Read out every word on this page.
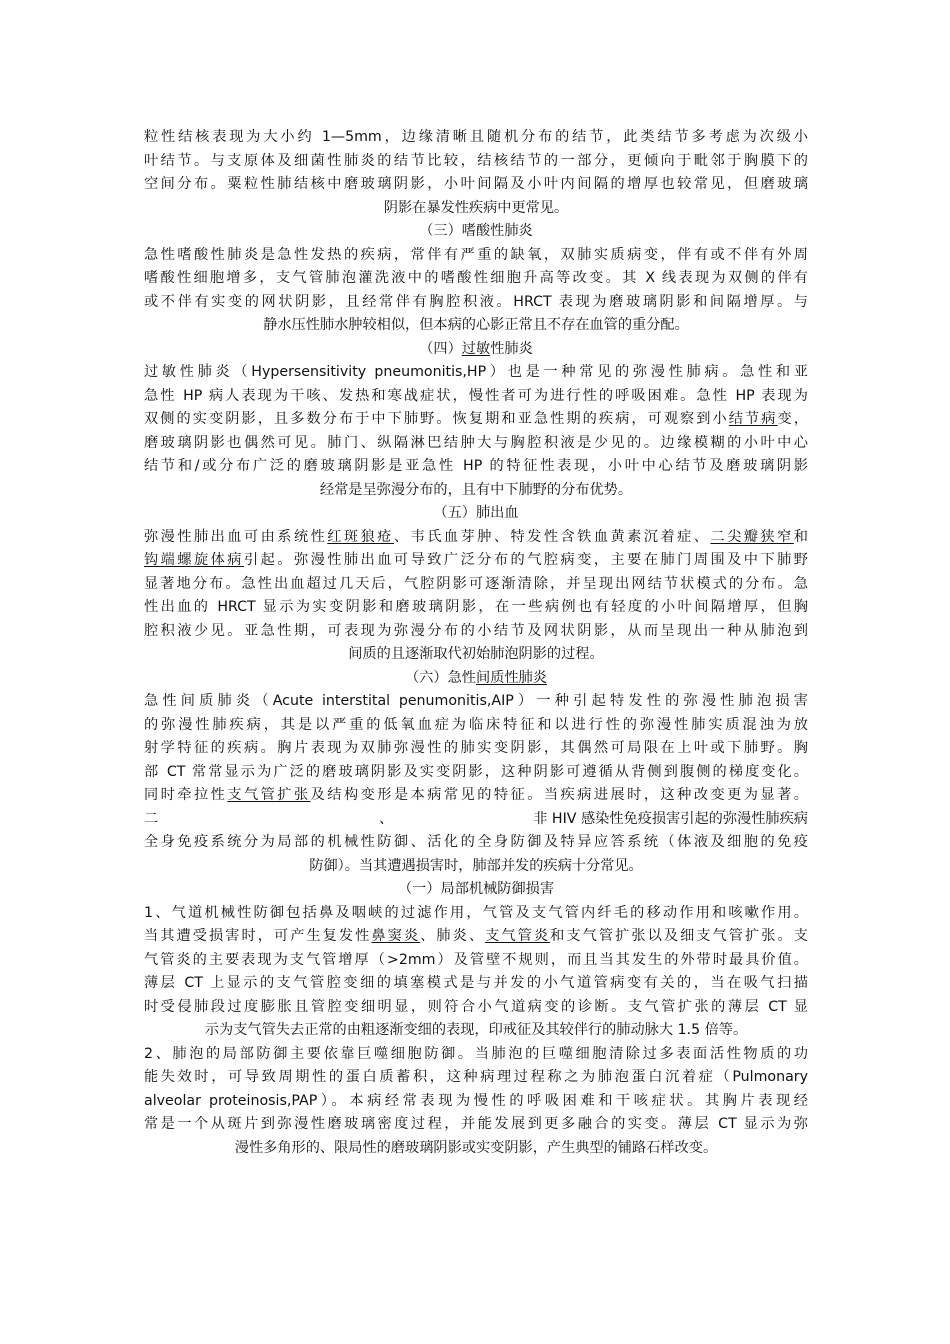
粒性结核表现为大小约 1—5mm，边缘清晰且随机分布的结节，此类结节多考虑为次级小
叶结节。与支原体及细菌性肺炎的结节比较，结核结节的一部分，更倾向于毗邻于胸膜下的
空间分布。粟粒性肺结核中磨玻璃阴影，小叶间隔及小叶内间隔的增厚也较常见，但磨玻璃
阴影在暴发性疾病中更常见。
（三）嗜酸性肺炎
急性嗜酸性肺炎是急性发热的疾病，常伴有严重的缺氧，双肺实质病变，伴有或不伴有外周
嗜酸性细胞增多，支气管肺泡灌洗液中的嗜酸性细胞升高等改变。其 X 线表现为双侧的伴有
或不伴有实变的网状阴影，且经常伴有胸腔积液。HRCT 表现为磨玻璃阴影和间隔增厚。与
静水压性肺水肿较相似，但本病的心影正常且不存在血管的重分配。
（四）过敏性肺炎
过敏性肺炎（Hypersensitivity pneumonitis,HP）也是一种常见的弥漫性肺病。急性和亚
急性 HP 病人表现为干咳、发热和寒战症状，慢性者可为进行性的呼吸困难。急性 HP 表现为
双侧的实变阴影，且多数分布于中下肺野。恢复期和亚急性期的疾病，可观察到小结节病变，
磨玻璃阴影也偶然可见。肺门、纵隔淋巴结肿大与胸腔积液是少见的。边缘模糊的小叶中心
结节和/或分布广泛的磨玻璃阴影是亚急性 HP 的特征性表现，小叶中心结节及磨玻璃阴影
经常是呈弥漫分布的，且有中下肺野的分布优势。
（五）肺出血
弥漫性肺出血可由系统性红斑狼疮、韦氏血芽肿、特发性含铁血黄素沉着症、二尖瓣狭窄和
钩端螺旋体病引起。弥漫性肺出血可导致广泛分布的气腔病变，主要在肺门周围及中下肺野
显著地分布。急性出血超过几天后，气腔阴影可逐渐清除，并呈现出网结节状模式的分布。急
性出血的 HRCT 显示为实变阴影和磨玻璃阴影，在一些病例也有轻度的小叶间隔增厚，但胸
腔积液少见。亚急性期，可表现为弥漫分布的小结节及网状阴影，从而呈现出一种从肺泡到
间质的且逐渐取代初始肺泡阴影的过程。
（六）急性间质性肺炎
急性间质肺炎（Acute interstital penumonitis,AIP）一种引起特发性的弥漫性肺泡损害
的弥漫性肺疾病，其是以严重的低氧血症为临床特征和以进行性的弥漫性肺实质混浊为放
射学特征的疾病。胸片表现为双肺弥漫性的肺实变阴影，其偶然可局限在上叶或下肺野。胸
部 CT 常常显示为广泛的磨玻璃阴影及实变阴影，这种阴影可遵循从背侧到腹侧的梯度变化。
同时牵拉性支气管扩张及结构变形是本病常见的特征。当疾病进展时，这种改变更为显著。
二、	非 HIV 感染性免疫损害引起的弥漫性肺疾病
全身免疫系统分为局部的机械性防御、活化的全身防御及特异应答系统（体液及细胞的免疫
防御）。当其遭遇损害时，肺部并发的疾病十分常见。
（一）局部机械防御损害
1、气道机械性防御包括鼻及咽峡的过滤作用，气管及支气管内纤毛的移动作用和咳嗽作用。
当其遭受损害时，可产生复发性鼻窦炎、肺炎、支气管炎和支气管扩张以及细支气管扩张。支
气管炎的主要表现为支气管增厚（>2mm）及管壁不规则，而且当其发生的外带时最具价值。
薄层 CT 上显示的支气管腔变细的填塞模式是与并发的小气道管病变有关的，当在吸气扫描
时受侵肺段过度膨胀且管腔变细明显，则符合小气道病变的诊断。支气管扩张的薄层 CT 显
示为支气管失去正常的由粗逐渐变细的表现，印戒征及其较伴行的肺动脉大 1.5 倍等。
2、肺泡的局部防御主要依靠巨噬细胞防御。当肺泡的巨噬细胞清除过多表面活性物质的功
能失效时，可导致周期性的蛋白质蓄积，这种病理过程称之为肺泡蛋白沉着症（Pulmonary
alveolar proteinosis,PAP）。本病经常表现为慢性的呼吸困难和干咳症状。其胸片表现经
常是一个从斑片到弥漫性磨玻璃密度过程，并能发展到更多融合的实变。薄层 CT 显示为弥
漫性多角形的、限局性的磨玻璃阴影或实变阴影，产生典型的铺路石样改变。
